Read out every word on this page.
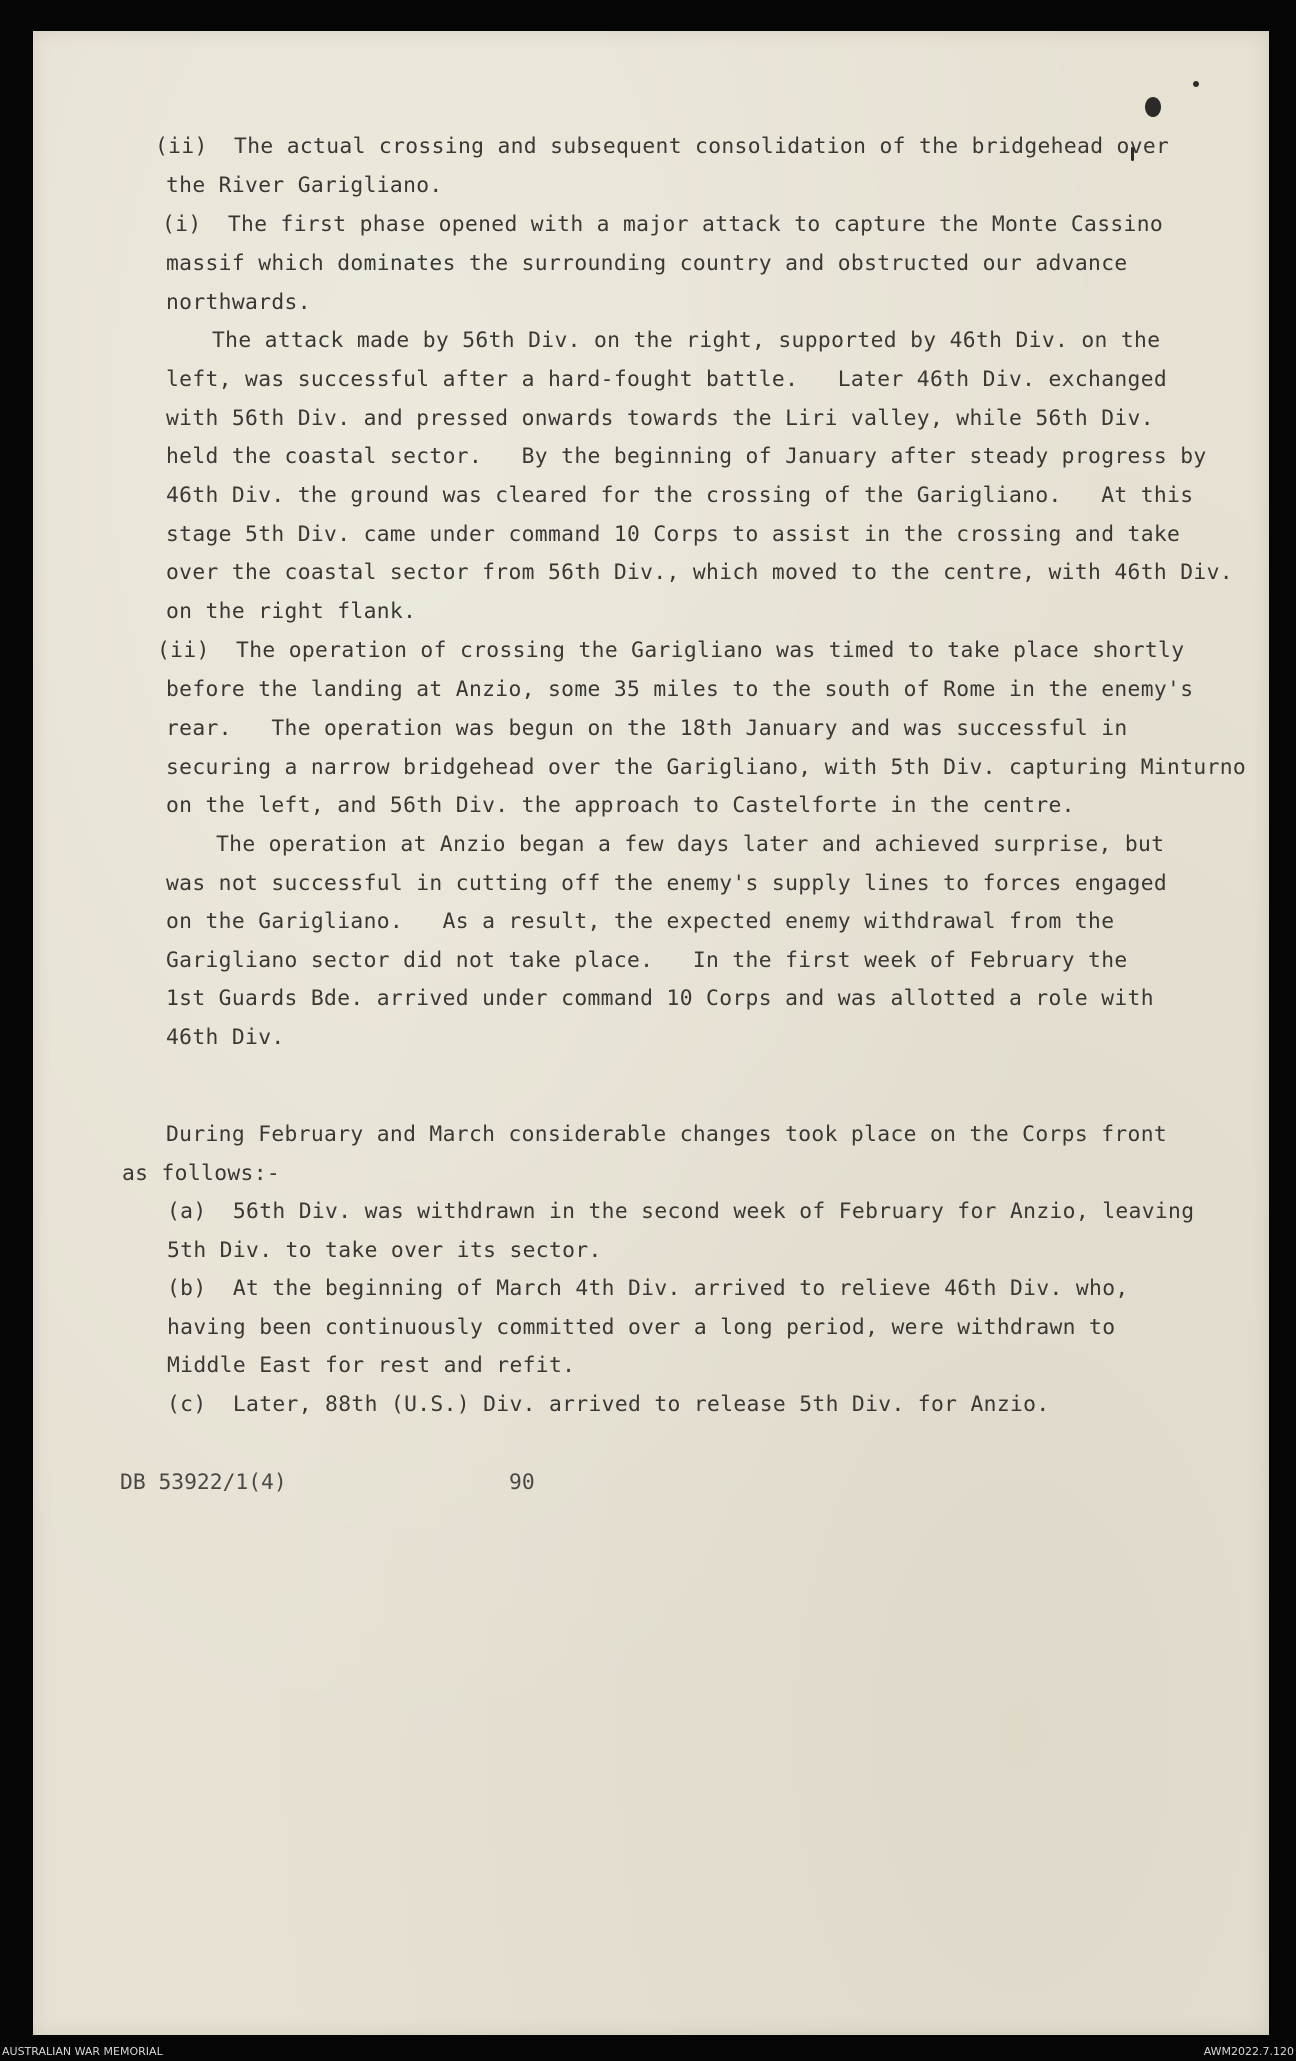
(ii)  The actual crossing and subsequent consolidation of the bridgehead over
the River Garigliano.
(i)  The first phase opened with a major attack to capture the Monte Cassino
massif which dominates the surrounding country and obstructed our advance
northwards.
The attack made by 56th Div. on the right, supported by 46th Div. on the
left, was successful after a hard-fought battle.   Later 46th Div. exchanged
with 56th Div. and pressed onwards towards the Liri valley, while 56th Div.
held the coastal sector.   By the beginning of January after steady progress by
46th Div. the ground was cleared for the crossing of the Garigliano.   At this
stage 5th Div. came under command 10 Corps to assist in the crossing and take
over the coastal sector from 56th Div., which moved to the centre, with 46th Div.
on the right flank.
(ii)  The operation of crossing the Garigliano was timed to take place shortly
before the landing at Anzio, some 35 miles to the south of Rome in the enemy's
rear.   The operation was begun on the 18th January and was successful in
securing a narrow bridgehead over the Garigliano, with 5th Div. capturing Minturno
on the left, and 56th Div. the approach to Castelforte in the centre.
The operation at Anzio began a few days later and achieved surprise, but
was not successful in cutting off the enemy's supply lines to forces engaged
on the Garigliano.   As a result, the expected enemy withdrawal from the
Garigliano sector did not take place.   In the first week of February the
1st Guards Bde. arrived under command 10 Corps and was allotted a role with
46th Div.
During February and March considerable changes took place on the Corps front
as follows:-
(a)  56th Div. was withdrawn in the second week of February for Anzio, leaving
5th Div. to take over its sector.
(b)  At the beginning of March 4th Div. arrived to relieve 46th Div. who,
having been continuously committed over a long period, were withdrawn to
Middle East for rest and refit.
(c)  Later, 88th (U.S.) Div. arrived to release 5th Div. for Anzio.
DB 53922/1(4)	90
AUSTRALIAN WAR MEMORIAL	AWM2022.7.120
